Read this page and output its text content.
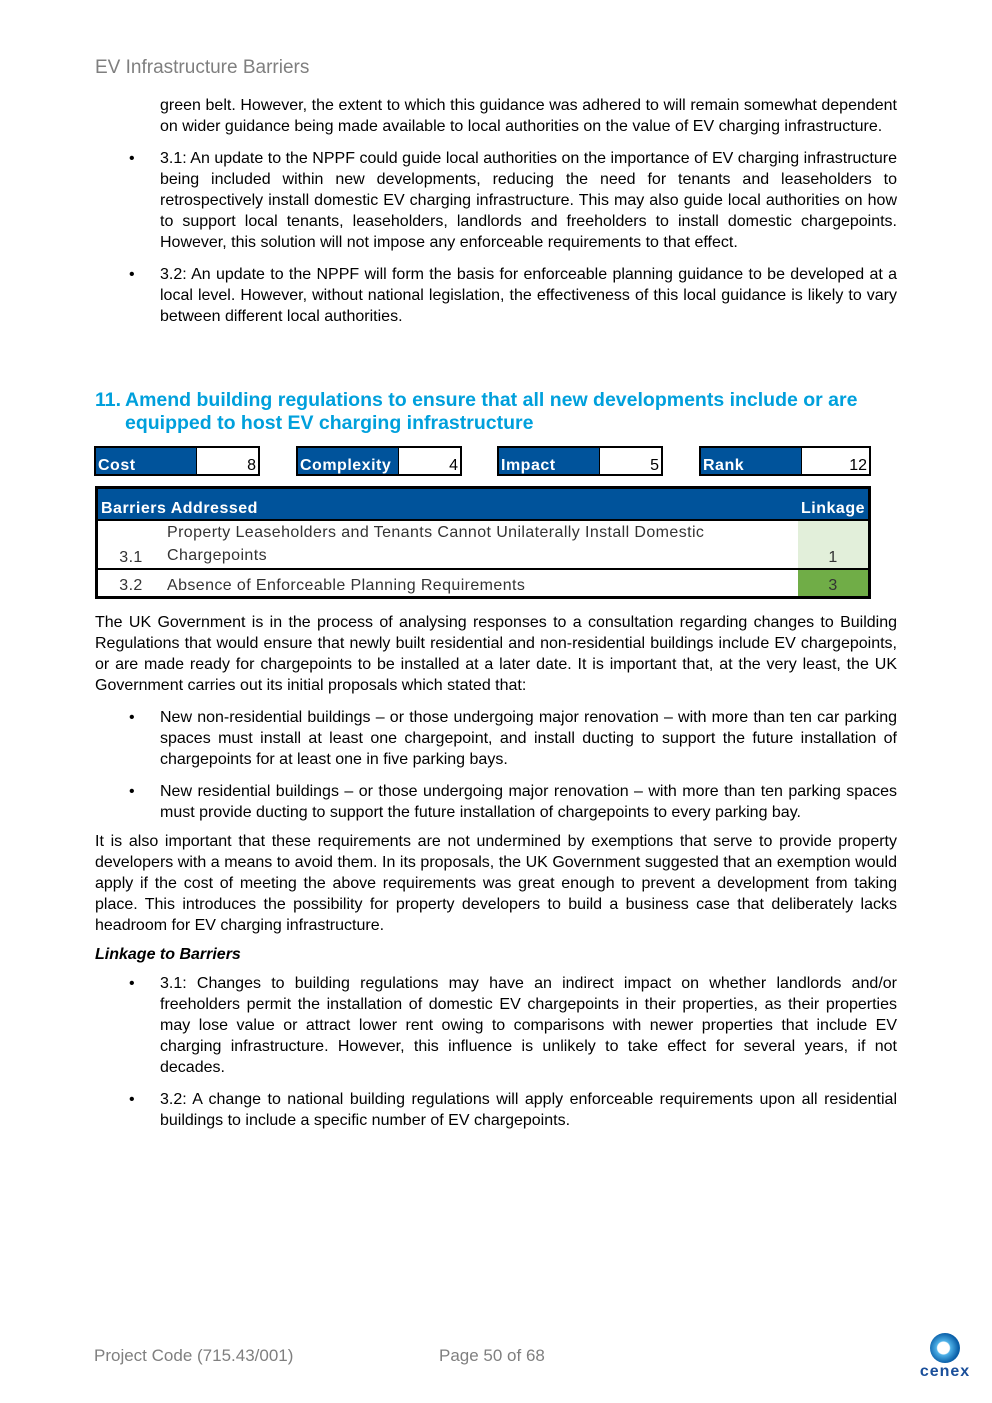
EV Infrastructure Barriers
green belt. However, the extent to which this guidance was adhered to will remain somewhat dependent on wider guidance being made available to local authorities on the value of EV charging infrastructure.
• 3.1: An update to the NPPF could guide local authorities on the importance of EV charging infrastructure being included within new developments, reducing the need for tenants and leaseholders to retrospectively install domestic EV charging infrastructure. This may also guide local authorities on how to support local tenants, leaseholders, landlords and freeholders to install domestic chargepoints. However, this solution will not impose any enforceable requirements to that effect.
• 3.2: An update to the NPPF will form the basis for enforceable planning guidance to be developed at a local level. However, without national legislation, the effectiveness of this local guidance is likely to vary between different local authorities.
11. Amend building regulations to ensure that all new developments include or are
equipped to host EV charging infrastructure
Cost	8	Complexity	4	Impact	5	Rank	12
Barriers Addressed		Linkage
3.1	Property Leaseholders and Tenants Cannot Unilaterally Install Domestic Chargepoints	1
3.2	Absence of Enforceable Planning Requirements	3
The UK Government is in the process of analysing responses to a consultation regarding changes to Building Regulations that would ensure that newly built residential and non-residential buildings include EV chargepoints, or are made ready for chargepoints to be installed at a later date. It is important that, at the very least, the UK Government carries out its initial proposals which stated that:
• New non-residential buildings – or those undergoing major renovation – with more than ten car parking spaces must install at least one chargepoint, and install ducting to support the future installation of chargepoints for at least one in five parking bays.
• New residential buildings – or those undergoing major renovation – with more than ten parking spaces must provide ducting to support the future installation of chargepoints to every parking bay.
It is also important that these requirements are not undermined by exemptions that serve to provide property developers with a means to avoid them. In its proposals, the UK Government suggested that an exemption would apply if the cost of meeting the above requirements was great enough to prevent a development from taking place. This introduces the possibility for property developers to build a business case that deliberately lacks headroom for EV charging infrastructure.
Linkage to Barriers
• 3.1: Changes to building regulations may have an indirect impact on whether landlords and/or freeholders permit the installation of domestic EV chargepoints in their properties, as their properties may lose value or attract lower rent owing to comparisons with newer properties that include EV charging infrastructure. However, this influence is unlikely to take effect for several years, if not decades.
• 3.2: A change to national building regulations will apply enforceable requirements upon all residential buildings to include a specific number of EV chargepoints.
Project Code (715.43/001)	Page 50 of 68
cenex
